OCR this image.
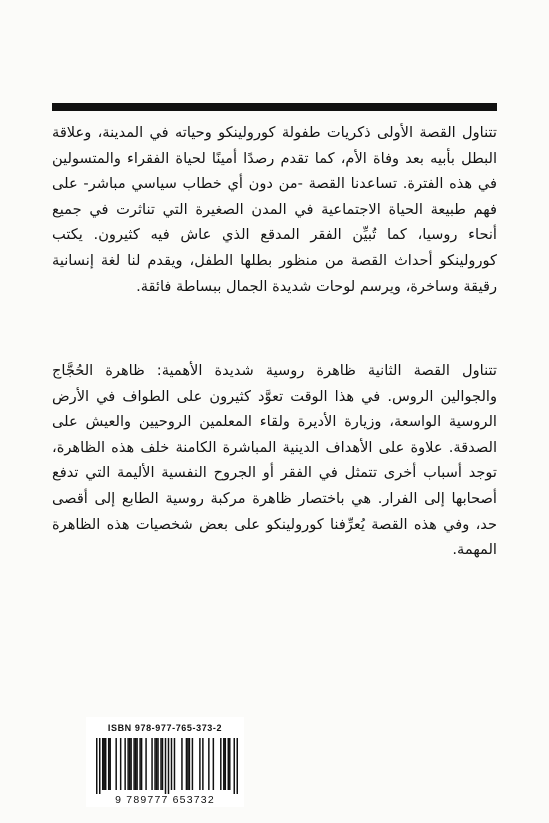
تتناول القصة الأولى ذكريات طفولة كورولينكو وحياته في المدينة، وعلاقة البطل بأبيه بعد وفاة الأم، كما تقدم رصدًا أمينًا لحياة الفقراء والمتسولين في هذه الفترة. تساعدنا القصة -من دون أي خطاب سياسي مباشر- على فهم طبيعة الحياة الاجتماعية في المدن الصغيرة التي تناثرت في جميع أنحاء روسيا، كما تُبيِّن الفقر المدقع الذي عاش فيه كثيرون. يكتب كورولينكو أحداث القصة من منظور بطلها الطفل، ويقدم لنا لغة إنسانية رقيقة وساخرة، ويرسم لوحات شديدة الجمال ببساطة فائقة.

تتناول القصة الثانية ظاهرة روسية شديدة الأهمية: ظاهرة الحُجَّاج والجوالين الروس. في هذا الوقت تعوَّد كثيرون على الطواف في الأرض الروسية الواسعة، وزيارة الأديرة ولقاء المعلمين الروحيين والعيش على الصدقة. علاوة على الأهداف الدينية المباشرة الكامنة خلف هذه الظاهرة، توجد أسباب أخرى تتمثل في الفقر أو الجروح النفسية الأليمة التي تدفع أصحابها إلى الفرار. هي باختصار ظاهرة مركبة روسية الطابع إلى أقصى حد، وفي هذه القصة يُعرِّفنا كورولينكو على بعض شخصيات هذه الظاهرة المهمة.

ISBN 978-977-765-373-2
9 789777 653732
